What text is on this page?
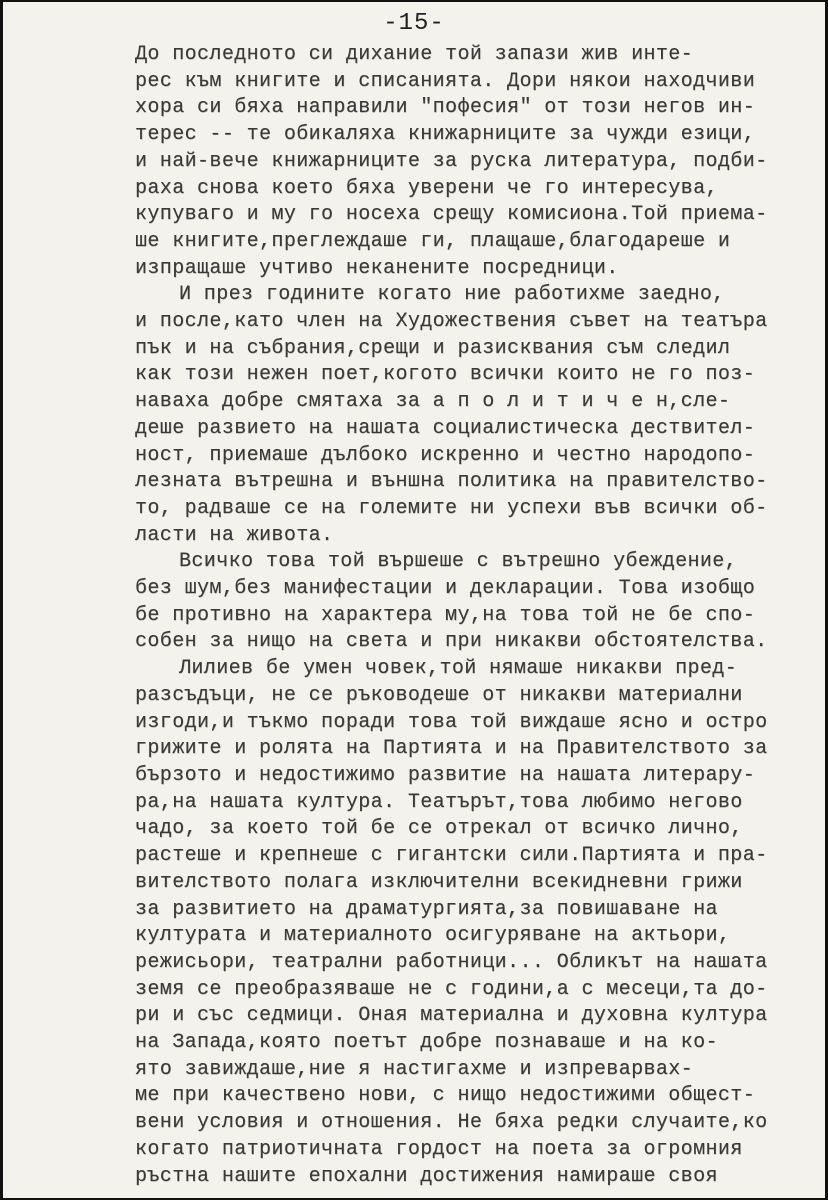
-15-
До последното си дихание той запази жив инте-
рес към книгите и списанията. Дори някои находчиви
хора си бяха направили "пофесия" от този негов ин-
терес -- те обикаляха книжарниците за чужди езици,
и най-вече книжарниците за руска литература, подби-
раха снова което бяха уверени че го интересува,
купуваго и му го носеха срещу комисиона.Той приема-
ше книгите,преглеждаше ги, плащаше,благодареше и
изпращаше учтиво неканените посредници.
И през годините когато ние работихме заедно,
и после,като член на Художествения съвет на театъра
пък и на събрания,срещи и разисквания съм следил
как този нежен поет,когото всички които не го поз-
наваха добре смятаха за а п о л и т и ч е н,сле-
деше развието на нашата социалистическа дествител-
ност, приемаше дълбоко искренно и честно народопо-
лезната вътрешна и външна политика на правителство-
то, радваше се на големите ни успехи във всички об-
ласти на живота.
Всичко това той вършеше с вътрешно убеждение,
без шум,без манифестации и декларации. Това изобщо
бе противно на характера му,на това той не бе спо-
собен за нищо на света и при никакви обстоятелства.
Лилиев бе умен човек,той нямаше никакви пред-
разсъдъци, не се ръководеше от никакви материални
изгоди,и тъкмо поради това той виждаше ясно и остро
грижите и ролята на Партията и на Правителството за
бързото и недостижимо развитие на нашата литерару-
ра,на нашата култура. Театърът,това любимо негово
чадо, за което той бе се отрекал от всичко лично,
растеше и крепнеше с гигантски сили.Партията и пра-
вителството полага изключителни всекидневни грижи
за развитието на драматургията,за повишаване на
културата и материалното осигуряване на актьори,
режисьори, театрални работници... Обликът на нашата
земя се преобразяваше не с години,а с месеци,та до-
ри и със седмици. Оная материална и духовна култура
на Запада,която поетът добре познаваше и на ко-
ято завиждаше,ние я настигахме и изпреварвах-
ме при качествено нови, с нищо недостижими общест-
вени условия и отношения. Не бяха редки случаите,ко
когато патриотичната гордост на поета за огромния
ръстна нашите епохални достижения намираше своя
